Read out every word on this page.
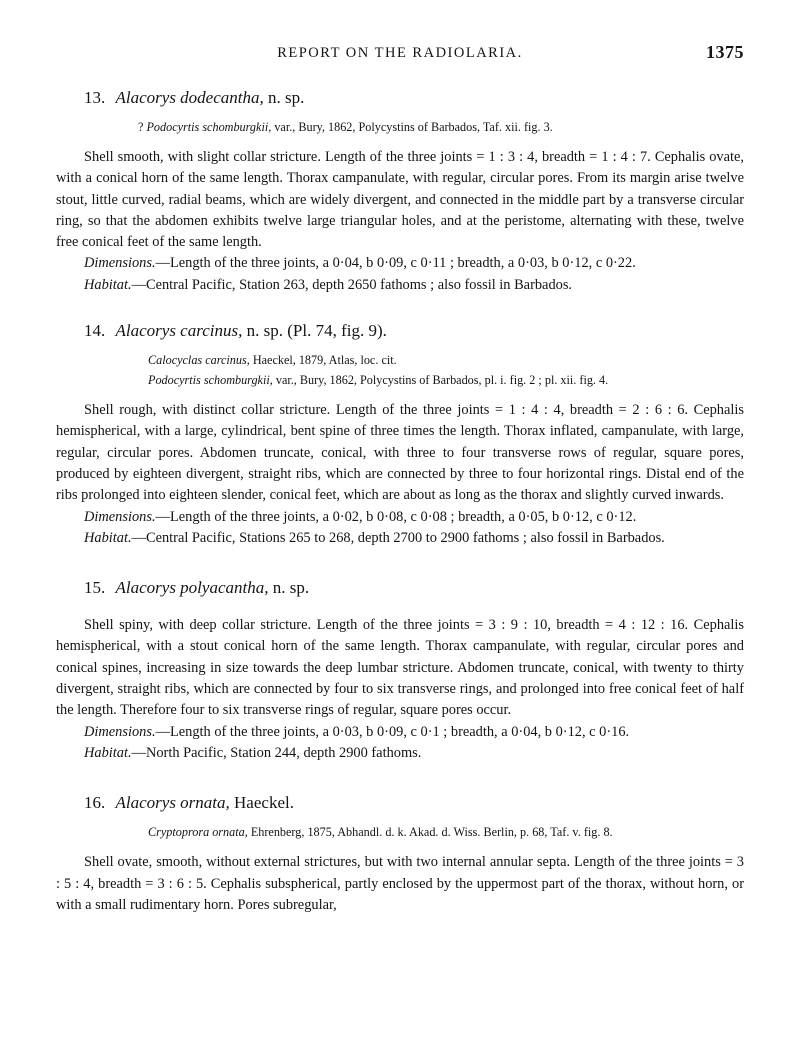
REPORT ON THE RADIOLARIA.	1375
13. Alacorys dodecantha, n. sp.

? Podocyrtis schomburgkii, var., Bury, 1862, Polycystins of Barbados, Taf. xii. fig. 3.

Shell smooth, with slight collar stricture. Length of the three joints = 1 : 3 : 4, breadth = 1 : 4 : 7. Cephalis ovate, with a conical horn of the same length. Thorax campanulate, with regular, circular pores. From its margin arise twelve stout, little curved, radial beams, which are widely divergent, and connected in the middle part by a transverse circular ring, so that the abdomen exhibits twelve large triangular holes, and at the peristome, alternating with these, twelve free conical feet of the same length.

Dimensions.—Length of the three joints, a 0·04, b 0·09, c 0·11 ; breadth, a 0·03, b 0·12, c 0·22.

Habitat.—Central Pacific, Station 263, depth 2650 fathoms ; also fossil in Barbados.

14. Alacorys carcinus, n. sp. (Pl. 74, fig. 9).

Calocyclas carcinus, Haeckel, 1879, Atlas, loc. cit.

Podocyrtis schomburgkii, var., Bury, 1862, Polycystins of Barbados, pl. i. fig. 2 ; pl. xii. fig. 4.

Shell rough, with distinct collar stricture. Length of the three joints = 1 : 4 : 4, breadth = 2 : 6 : 6. Cephalis hemispherical, with a large, cylindrical, bent spine of three times the length. Thorax inflated, campanulate, with large, regular, circular pores. Abdomen truncate, conical, with three to four transverse rows of regular, square pores, produced by eighteen divergent, straight ribs, which are connected by three to four horizontal rings. Distal end of the ribs prolonged into eighteen slender, conical feet, which are about as long as the thorax and slightly curved inwards.

Dimensions.—Length of the three joints, a 0·02, b 0·08, c 0·08 ; breadth, a 0·05, b 0·12, c 0·12.

Habitat.—Central Pacific, Stations 265 to 268, depth 2700 to 2900 fathoms ; also fossil in Barbados.

15. Alacorys polyacantha, n. sp.

Shell spiny, with deep collar stricture. Length of the three joints = 3 : 9 : 10, breadth = 4 : 12 : 16. Cephalis hemispherical, with a stout conical horn of the same length. Thorax campanulate, with regular, circular pores and conical spines, increasing in size towards the deep lumbar stricture. Abdomen truncate, conical, with twenty to thirty divergent, straight ribs, which are connected by four to six transverse rings, and prolonged into free conical feet of half the length. Therefore four to six transverse rings of regular, square pores occur.

Dimensions.—Length of the three joints, a 0·03, b 0·09, c 0·1 ; breadth, a 0·04, b 0·12, c 0·16.

Habitat.—North Pacific, Station 244, depth 2900 fathoms.

16. Alacorys ornata, Haeckel.

Cryptoprora ornata, Ehrenberg, 1875, Abhandl. d. k. Akad. d. Wiss. Berlin, p. 68, Taf. v. fig. 8.

Shell ovate, smooth, without external strictures, but with two internal annular septa. Length of the three joints = 3 : 5 : 4, breadth = 3 : 6 : 5. Cephalis subspherical, partly enclosed by the uppermost part of the thorax, without horn, or with a small rudimentary horn. Pores subregular,
